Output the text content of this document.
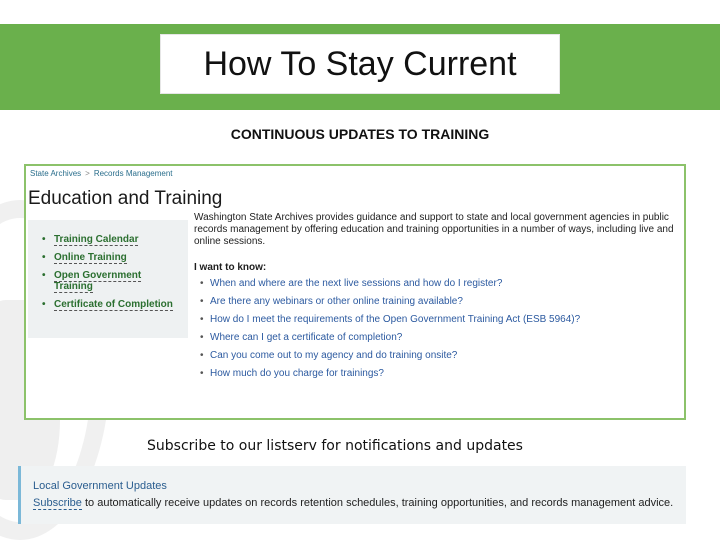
How To Stay Current
CONTINUOUS UPDATES TO TRAINING
State Archives > Records Management
Education and Training
• Training Calendar
• Online Training
• Open Government Training
• Certificate of Completion
Washington State Archives provides guidance and support to state and local government agencies in public records management by offering education and training opportunities in a number of ways, including live and online sessions.
I want to know:
• When and where are the next live sessions and how do I register?
• Are there any webinars or other online training available?
• How do I meet the requirements of the Open Government Training Act (ESB 5964)?
• Where can I get a certificate of completion?
• Can you come out to my agency and do training onsite?
• How much do you charge for trainings?
Subscribe to our listserv for notifications and updates
Local Government Updates
Subscribe to automatically receive updates on records retention schedules, training opportunities, and records management advice.
